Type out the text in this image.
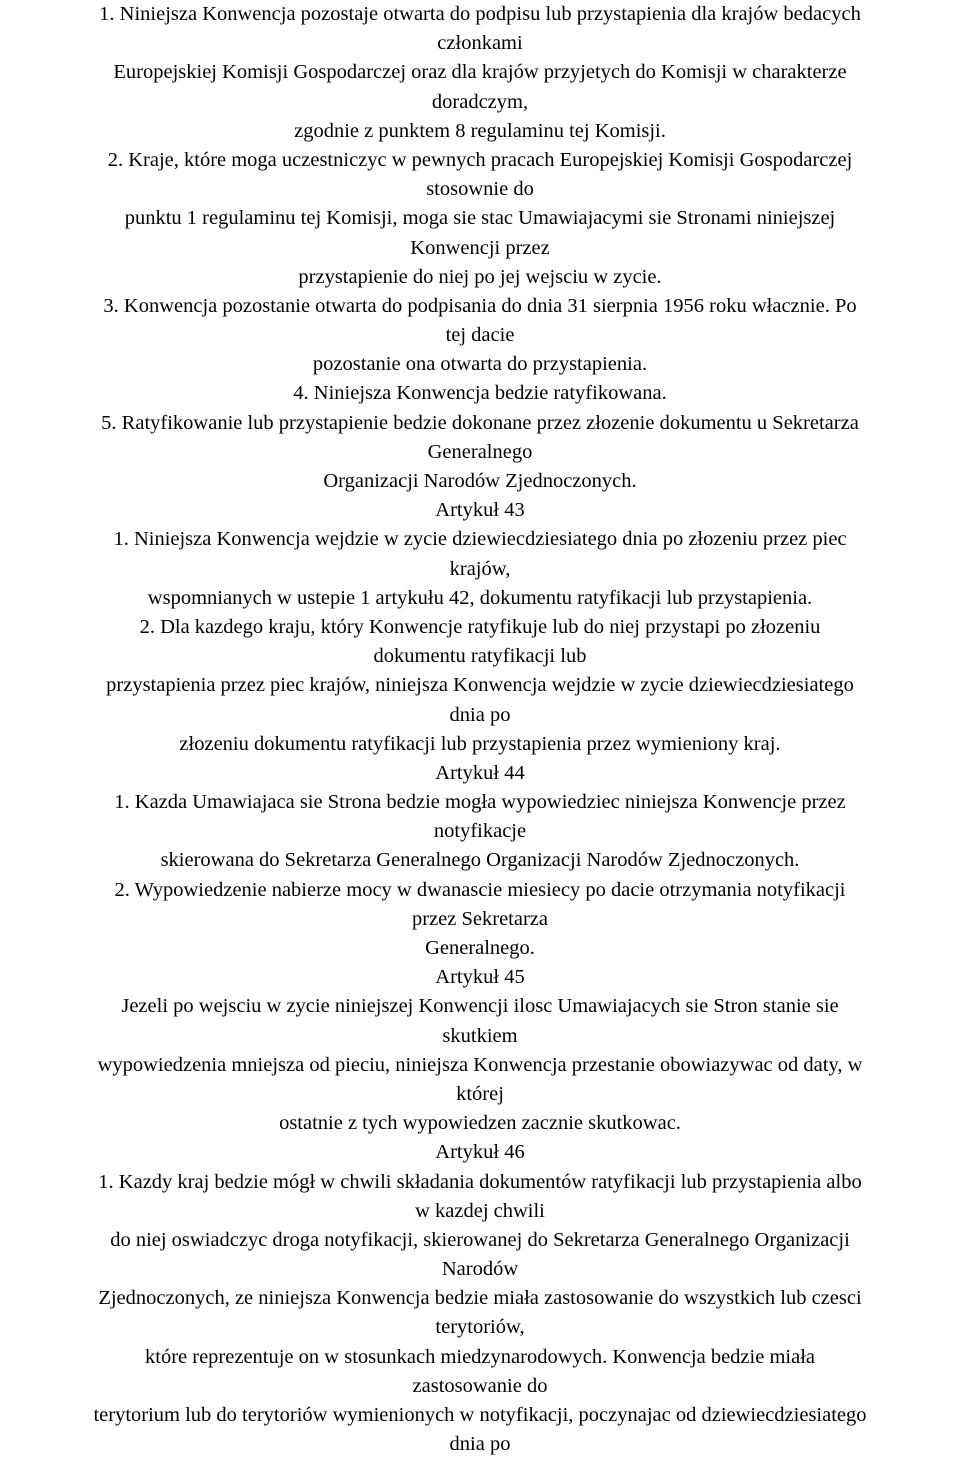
1. Niniejsza Konwencja pozostaje otwarta do podpisu lub przystapienia dla krajów bedacych
członkami
Europejskiej Komisji Gospodarczej oraz dla krajów przyjetych do Komisji w charakterze
doradczym,
zgodnie z punktem 8 regulaminu tej Komisji.
2. Kraje, które moga uczestniczyc w pewnych pracach Europejskiej Komisji Gospodarczej
stosownie do
punktu 1 regulaminu tej Komisji, moga sie stac Umawiajacymi sie Stronami niniejszej
Konwencji przez
przystapienie do niej po jej wejsciu w zycie.
3. Konwencja pozostanie otwarta do podpisania do dnia 31 sierpnia 1956 roku włacznie. Po
tej dacie
pozostanie ona otwarta do przystapienia.
4. Niniejsza Konwencja bedzie ratyfikowana.
5. Ratyfikowanie lub przystapienie bedzie dokonane przez złozenie dokumentu u Sekretarza
Generalnego
Organizacji Narodów Zjednoczonych.
Artykuł 43
1. Niniejsza Konwencja wejdzie w zycie dziewiecdziesiatego dnia po złozeniu przez piec
krajów,
wspomnianych w ustepie 1 artykułu 42, dokumentu ratyfikacji lub przystapienia.
2. Dla kazdego kraju, który Konwencje ratyfikuje lub do niej przystapi po złozeniu
dokumentu ratyfikacji lub
przystapienia przez piec krajów, niniejsza Konwencja wejdzie w zycie dziewiecdziesiatego
dnia po
złozeniu dokumentu ratyfikacji lub przystapienia przez wymieniony kraj.
Artykuł 44
1. Kazda Umawiajaca sie Strona bedzie mogła wypowiedziec niniejsza Konwencje przez
notyfikacje
skierowana do Sekretarza Generalnego Organizacji Narodów Zjednoczonych.
2. Wypowiedzenie nabierze mocy w dwanascie miesiecy po dacie otrzymania notyfikacji
przez Sekretarza
Generalnego.
Artykuł 45
Jezeli po wejsciu w zycie niniejszej Konwencji ilosc Umawiajacych sie Stron stanie sie
skutkiem
wypowiedzenia mniejsza od pieciu, niniejsza Konwencja przestanie obowiazywac od daty, w
której
ostatnie z tych wypowiedzen zacznie skutkowac.
Artykuł 46
1. Kazdy kraj bedzie mógł w chwili składania dokumentów ratyfikacji lub przystapienia albo
w kazdej chwili
do niej oswiadczyc droga notyfikacji, skierowanej do Sekretarza Generalnego Organizacji
Narodów
Zjednoczonych, ze niniejsza Konwencja bedzie miała zastosowanie do wszystkich lub czesci
terytoriów,
które reprezentuje on w stosunkach miedzynarodowych. Konwencja bedzie miała
zastosowanie do
terytorium lub do terytoriów wymienionych w notyfikacji, poczynajac od dziewiecdziesiatego
dnia po
